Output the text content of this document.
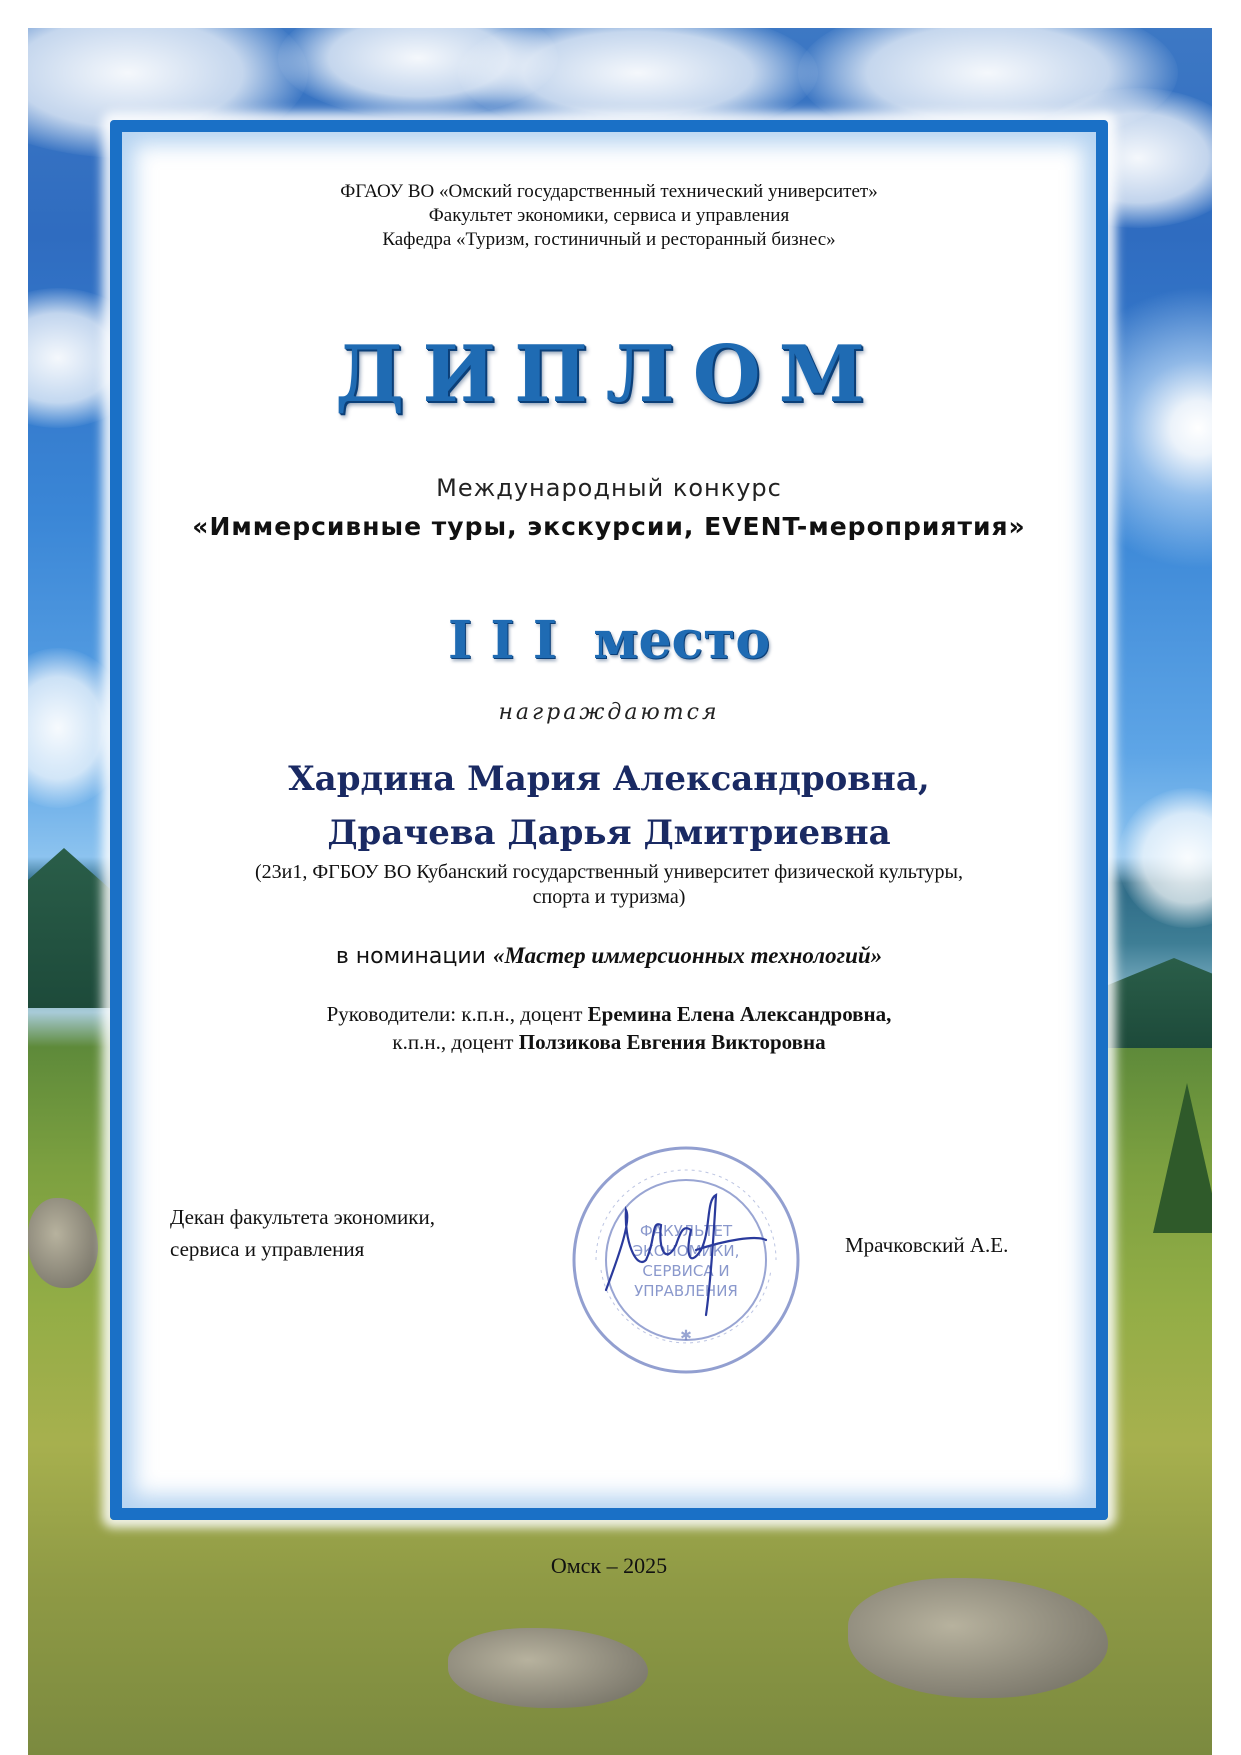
ФГАОУ ВО «Омский государственный технический университет»
Факультет экономики, сервиса и управления
Кафедра «Туризм, гостиничный и ресторанный бизнес»
ДИПЛОМ
Международный конкурс
«Иммерсивные туры, экскурсии, EVENT-мероприятия»
I I I  место
награждаются
Хардина Мария Александровна,
Драчева Дарья Дмитриевна
(23и1, ФГБОУ ВО Кубанский государственный университет физической культуры,
спорта и туризма)
в номинации «Мастер иммерсионных технологий»
Руководители: к.п.н., доцент Еремина Елена Александровна,
к.п.н., доцент Ползикова Евгения Викторовна
Декан факультета экономики,
сервиса и управления
ФАКУЛЬТЕТ
ЭКОНОМИКИ,
СЕРВИСА И
УПРАВЛЕНИЯ
✱
Мрачковский А.Е.
Омск – 2025
